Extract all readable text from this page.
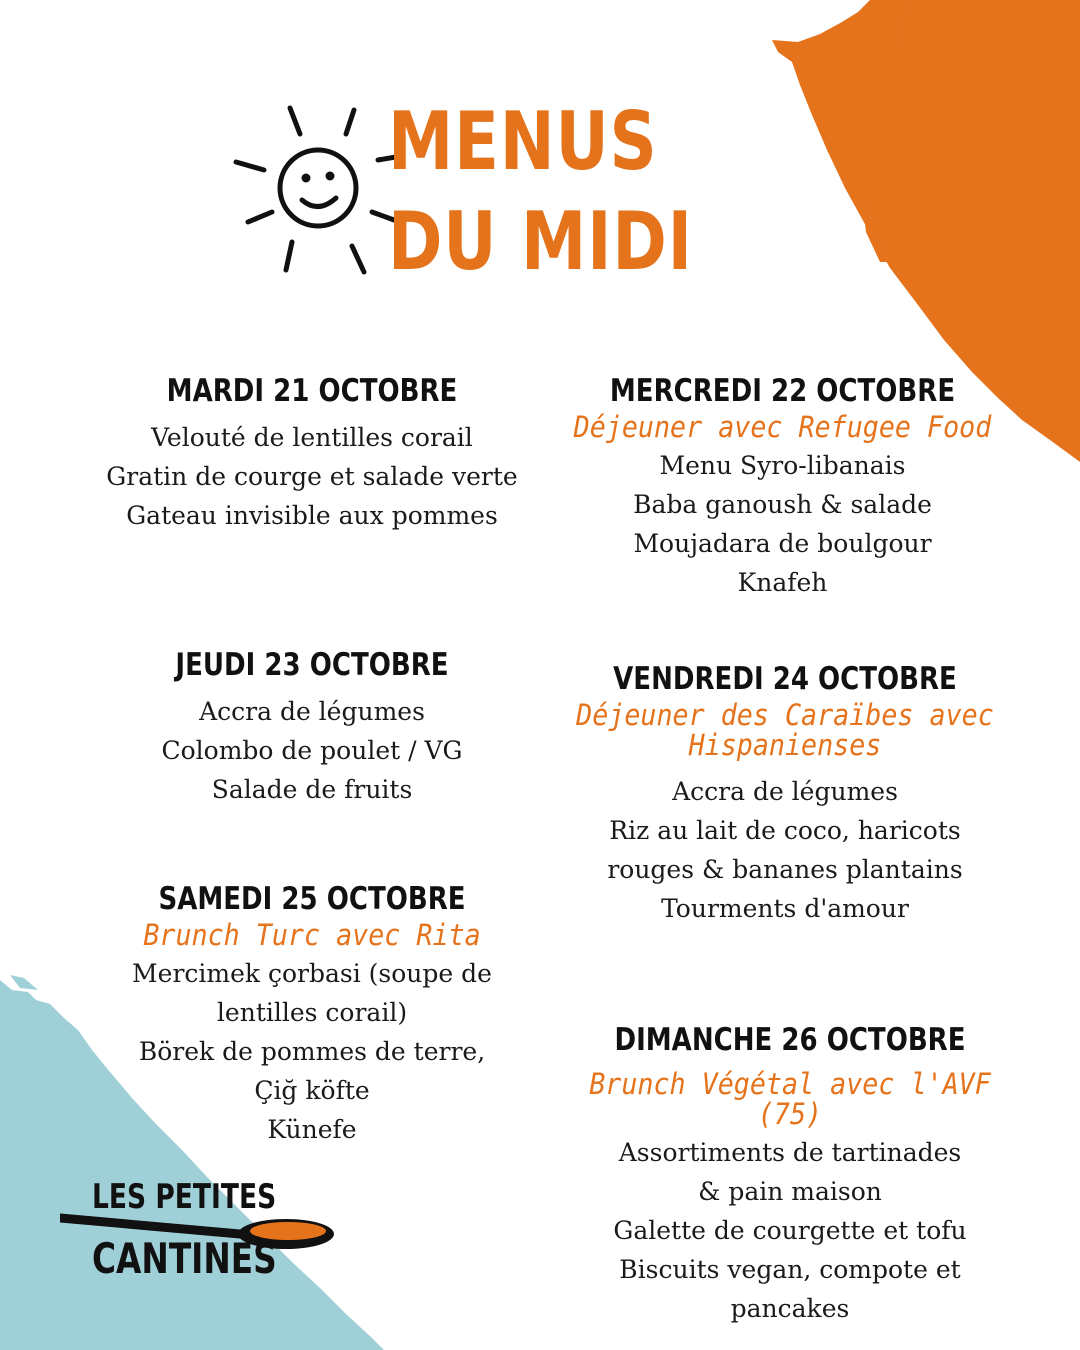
MENUS
DU MIDI
MARDI 21 OCTOBRE
Velouté de lentilles corail
Gratin de courge et salade verte
Gateau invisible aux pommes
MERCREDI 22 OCTOBRE
Déjeuner avec Refugee Food
Menu Syro-libanais
Baba ganoush & salade
Moujadara de boulgour
Knafeh
JEUDI 23 OCTOBRE
Accra de légumes
Colombo de poulet / VG
Salade de fruits
VENDREDI 24 OCTOBRE
Déjeuner des Caraïbes avec Hispanienses
Accra de légumes
Riz au lait de coco, haricots
rouges & bananes plantains
Tourments d'amour
SAMEDI 25 OCTOBRE
Brunch Turc avec Rita
Mercimek çorbasi (soupe de
lentilles corail)
Börek de pommes de terre,
Çiğ köfte
Künefe
DIMANCHE 26 OCTOBRE
Brunch Végétal avec l'AVF (75)
Assortiments de tartinades
& pain maison
Galette de courgette et tofu
Biscuits vegan, compote et
pancakes
LES PETITES
CANTINES
